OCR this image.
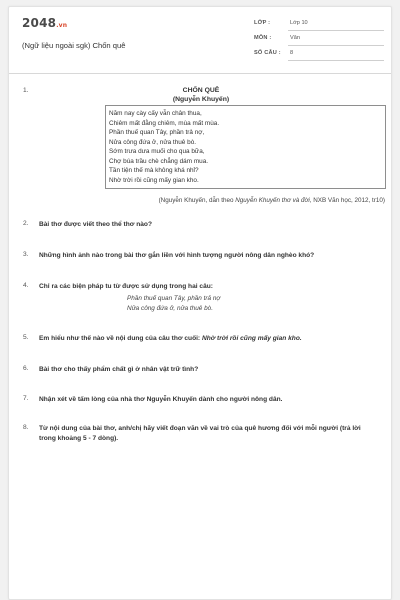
2048.vn
(Ngữ liệu ngoài sgk) Chốn quê
LỚP :	Lớp 10
MÔN :	Văn
SỐ CÂU : 8
1.	CHỐN QUÊ
(Nguyễn Khuyến)
Năm nay cày cấy vẫn chân thua,
Chiêm mất đằng chiêm, mùa mất mùa.
Phần thuế quan Tây, phần trả nợ,
Nửa công đứa ở, nửa thuê bò.
Sớm trưa dưa muối cho qua bữa,
Chợ búa trầu chè chẳng dám mua.
Tần tiện thế mà không khá nhỉ?
Nhờ trời rồi cũng mấy gian kho.
(Nguyễn Khuyến, dẫn theo Nguyễn Khuyến thơ và đời, NXB Văn học, 2012, tr10)
2.	Bài thơ được viết theo thể thơ nào?
3.	Những hình ảnh nào trong bài thơ gắn liền với hình tượng người nông dân nghèo khó?
4.	Chỉ ra các biện pháp tu từ được sử dụng trong hai câu:
Phần thuế quan Tây, phần trả nợ
Nửa công đứa ở, nửa thuê bò.
5.	Em hiểu như thế nào về nội dung của câu thơ cuối: Nhờ trời rồi cũng mấy gian kho.
6.	Bài thơ cho thấy phẩm chất gì ở nhân vật trữ tình?
7.	Nhận xét về tấm lòng của nhà thơ Nguyễn Khuyến dành cho người nông dân.
8.	Từ nội dung của bài thơ, anh/chị hãy viết đoạn văn về vai trò của quê hương đối với mỗi người (trả lời trong khoảng 5 - 7 dòng).
